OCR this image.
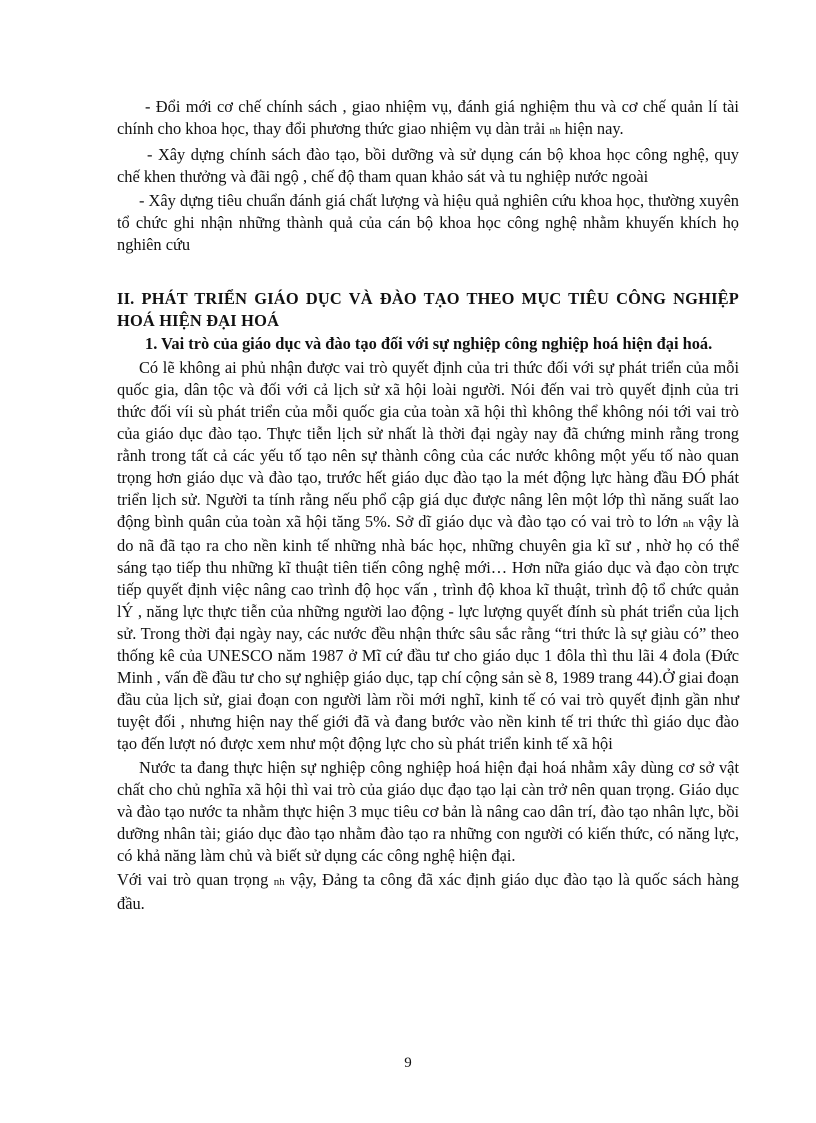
- Đổi mới cơ chế chính sách , giao nhiệm vụ, đánh giá nghiệm thu và cơ chế quản lí tài chính cho khoa học, thay đổi phương thức giao nhiệm vụ dàn trải nh hiện nay.

- Xây dựng chính sách đào tạo, bồi dưỡng và sử dụng cán bộ khoa học công nghệ, quy chế khen thưởng và đãi ngộ , chế độ tham quan khảo sát và tu nghiệp nước ngoài

- Xây dựng tiêu chuẩn đánh giá chất lượng và hiệu quả nghiên cứu khoa học, thường xuyên tổ chức ghi nhận những thành quả của cán bộ khoa học công nghệ nhằm khuyến khích họ nghiên cứu

II. PHÁT TRIỂN GIÁO DỤC VÀ ĐÀO TẠO THEO MỤC TIÊU CÔNG NGHIỆP HOÁ HIỆN ĐẠI HOÁ

1. Vai trò của giáo dục và đào tạo đối với sự nghiệp công nghiệp hoá hiện đại hoá.

Có lẽ không ai phủ nhận được vai trò quyết định của tri thức đối với sự phát triển của mỗi quốc gia, dân tộc và đối với cả lịch sử xã hội loài người. Nói đến vai trò quyết định của tri thức đối víi sù phát triển của mỗi quốc gia của toàn xã hội thì không thể không nói tới vai trò của giáo dục đào tạo. Thực tiễn lịch sử nhất là thời đại ngày nay đã chứng minh rằng trong rằnh trong tất cả các yếu tố tạo nên sự thành công của các nước không một yếu tố nào quan trọng hơn giáo dục và đào tạo, trước hết giáo dục đào tạo la mét động lực hàng đầu ĐÓ phát triển lịch sử. Người ta tính rằng nếu phổ cập giá dục được nâng lên một lớp thì năng suất lao động bình quân của toàn xã hội tăng 5%. Sở dĩ giáo dục và đào tạo có vai trò to lớn nh vậy là do nã đã tạo ra cho nền kinh tế những nhà bác học, những chuyên gia kĩ sư , nhờ họ có thể sáng tạo tiếp thu những kĩ thuật tiên tiến công nghệ mới… Hơn nữa giáo dục và đạo còn trực tiếp quyết định việc nâng cao trình độ học vấn , trình độ khoa kĩ thuật, trình độ tổ chức quản lÝ , năng lực thực tiễn của những người lao động - lực lượng quyết đính sù phát triển của lịch sử. Trong thời đại ngày nay, các nước đều nhận thức sâu sắc rằng “tri thức là sự giàu có” theo thống kê của UNESCO năm 1987 ở Mĩ cứ đầu tư cho giáo dục 1 đôla thì thu lãi 4 đola (Đức Minh , vấn đề đầu tư cho sự nghiệp giáo dục, tạp chí cộng sản sè 8, 1989 trang 44).Ở giai đoạn đầu của lịch sử, giai đoạn con người làm rồi mới nghĩ, kinh tế có vai trò quyết định gần như tuyệt đối , nhưng hiện nay thế giới đã và đang bước vào nền kinh tế tri thức thì giáo dục đào tạo đến lượt nó được xem như một động lực cho sù phát triển kinh tế xã hội

Nước ta đang thực hiện sự nghiệp công nghiệp hoá hiện đại hoá nhằm xây dùng cơ sở vật chất cho chủ nghĩa xã hội thì vai trò của giáo dục đạo tạo lại càn trở nên quan trọng. Giáo dục và đào tạo nước ta nhằm thực hiện 3 mục tiêu cơ bản là nâng cao dân trí, đào tạo nhân lực, bồi dưỡng nhân tài; giáo dục đào tạo nhằm đào tạo ra những con người có kiến thức, có năng lực, có khả năng làm chủ và biết sử dụng các công nghệ hiện đại.

Với vai trò quan trọng nh vậy, Đảng ta công đã xác định giáo dục đào tạo là quốc sách hàng đầu.

9
